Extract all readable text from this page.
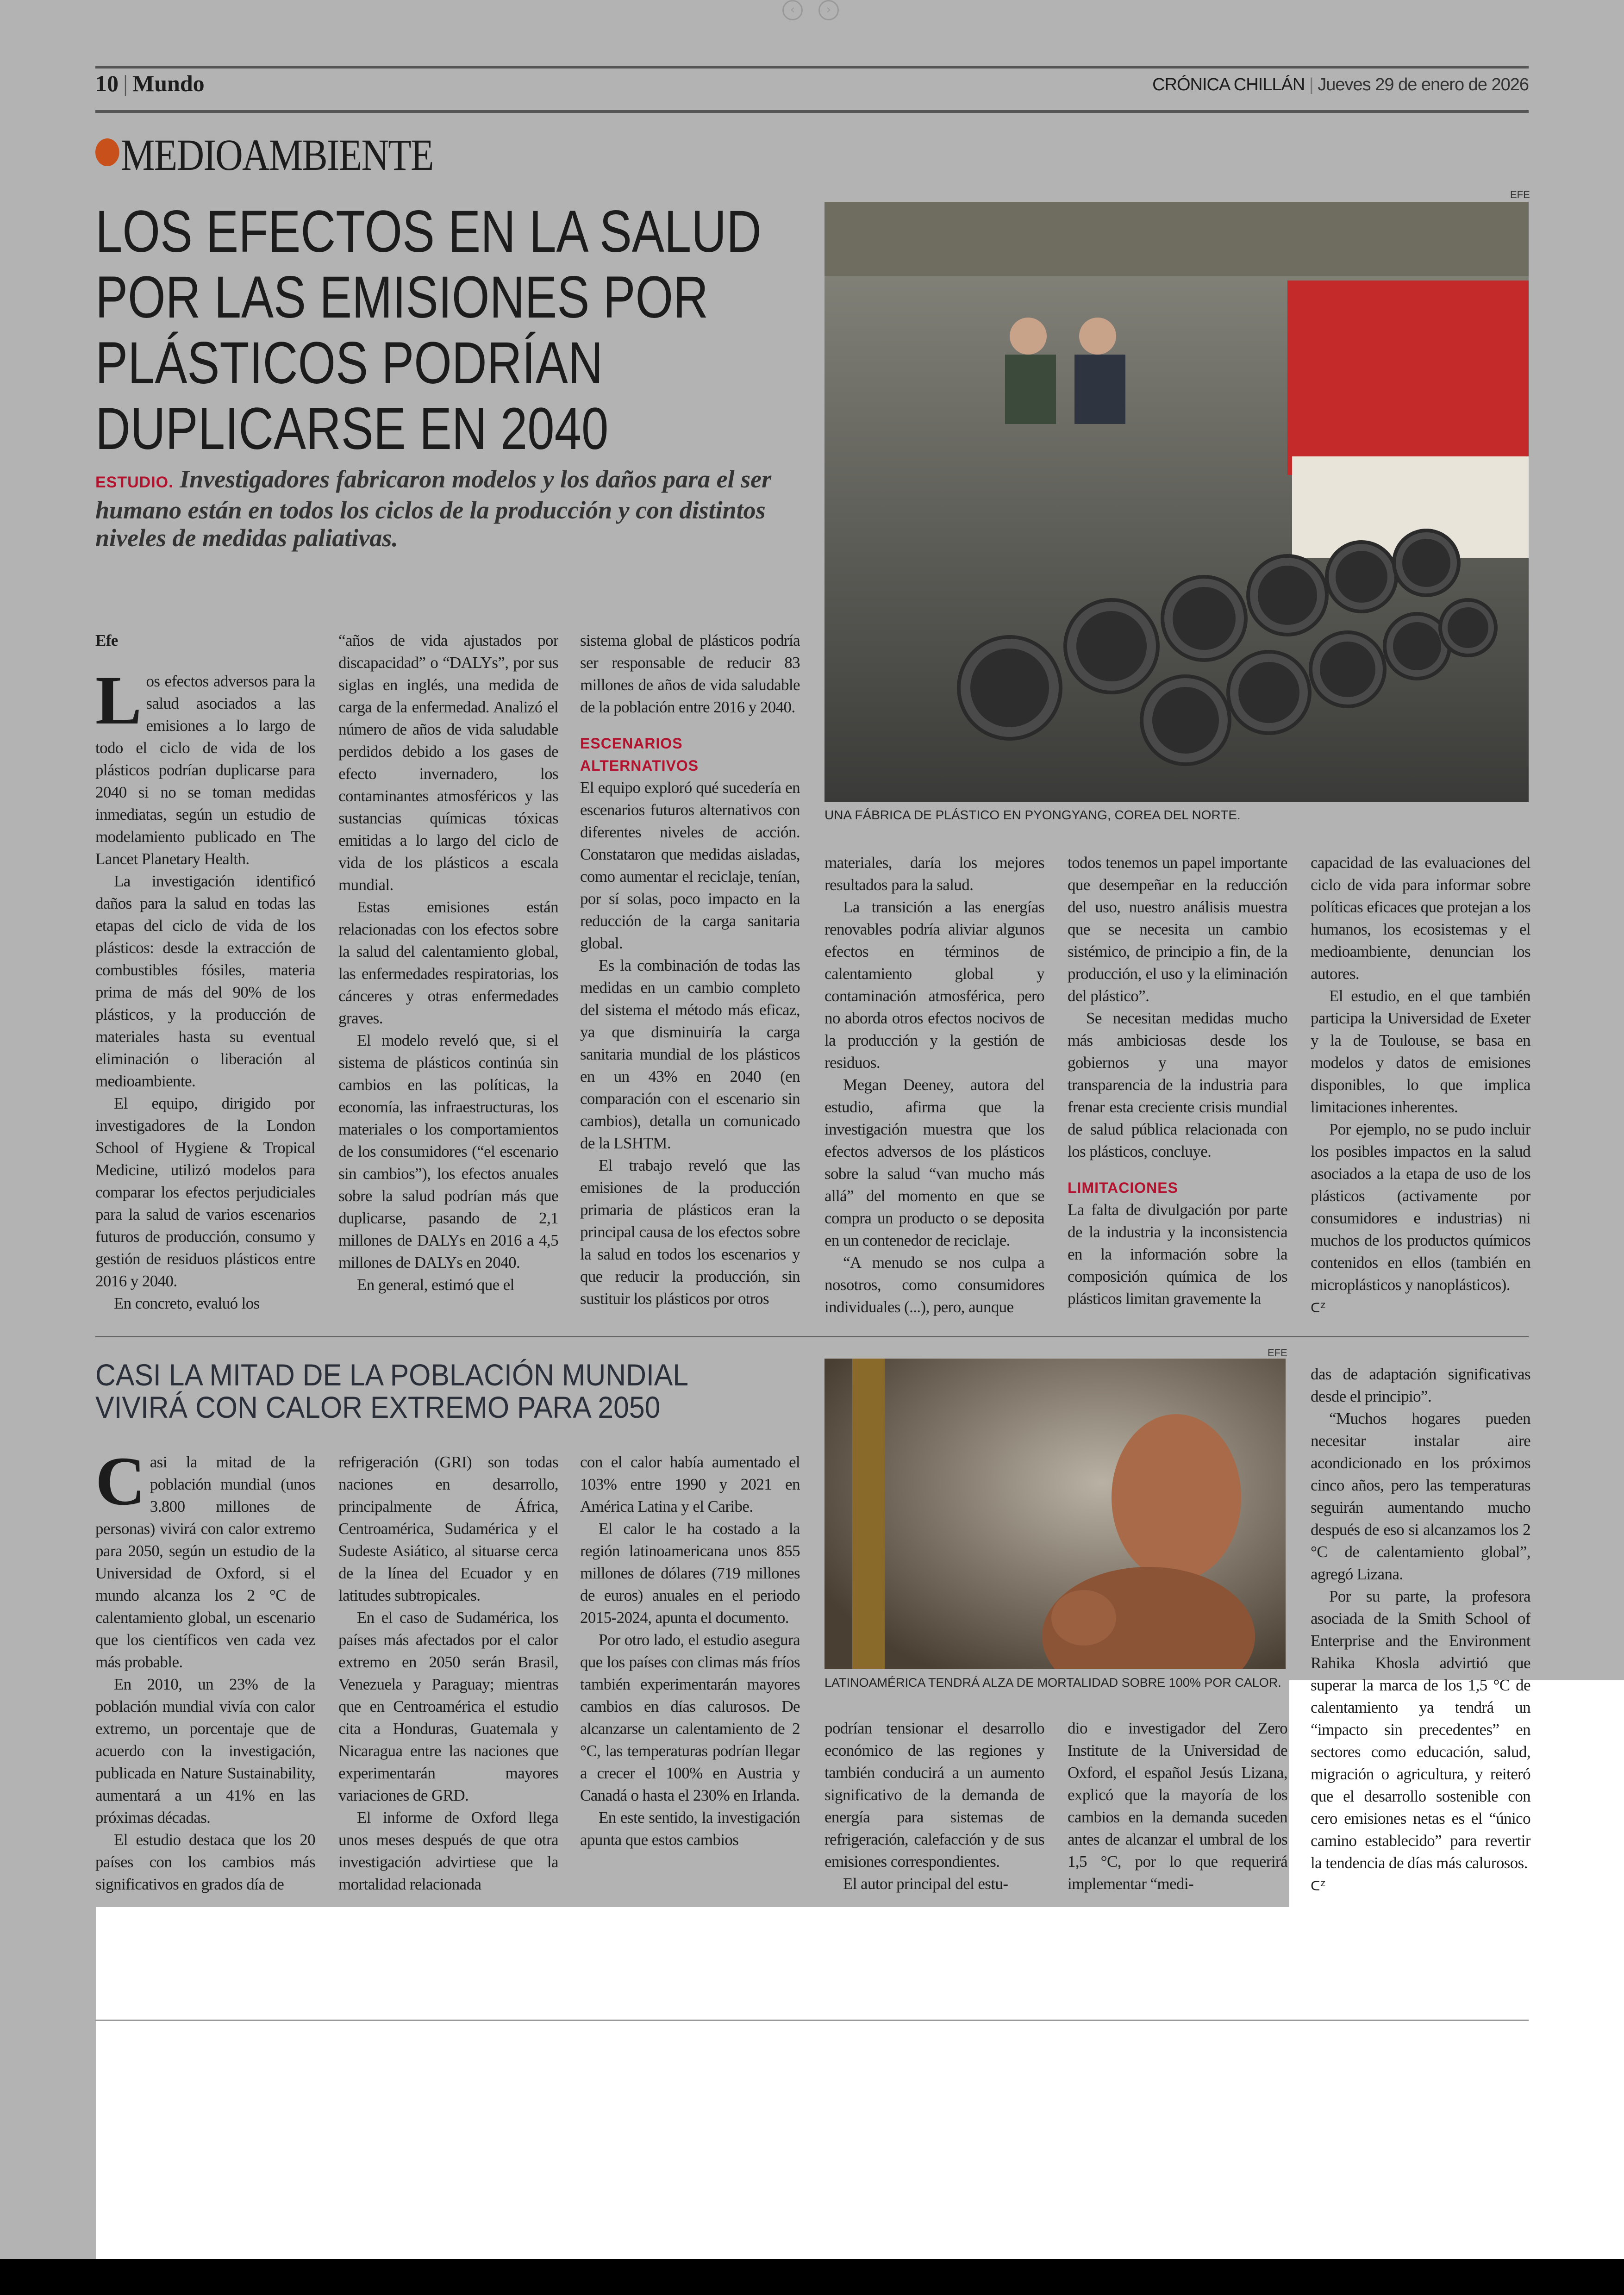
‹	›
10 | Mundo	CRÓNICA CHILLÁN | Jueves 29 de enero de 2026
MEDIOAMBIENTE
LOS EFECTOS EN LA SALUD
POR LAS EMISIONES POR
PLÁSTICOS PODRÍAN
DUPLICARSE EN 2040
ESTUDIO. Investigadores fabricaron modelos y los daños para el ser humano están en todos los ciclos de la producción y con distintos niveles de medidas paliativas.
EFE
UNA FÁBRICA DE PLÁSTICO EN PYONGYANG, COREA DEL NORTE.
Efe
L os efectos adversos para la salud asociados a las emisiones a lo largo de todo el ciclo de vida de los plásticos podrían duplicarse para 2040 si no se toman medidas inmediatas, según un estudio de modelamiento publicado en The Lancet Planetary Health.

La investigación identificó daños para la salud en todas las etapas del ciclo de vida de los plásticos: desde la extracción de combustibles fósiles, materia prima de más del 90% de los plásticos, y la producción de materiales hasta su eventual eliminación o liberación al medioambiente.

El equipo, dirigido por investigadores de la London School of Hygiene & Tropical Medicine, utilizó modelos para comparar los efectos perjudiciales para la salud de varios escenarios futuros de producción, consumo y gestión de residuos plásticos entre 2016 y 2040.

En concreto, evaluó los

“años de vida ajustados por discapacidad” o “DALYs”, por sus siglas en inglés, una medida de carga de la enfermedad. Analizó el número de años de vida saludable perdidos debido a los gases de efecto invernadero, los contaminantes atmosféricos y las sustancias químicas tóxicas emitidas a lo largo del ciclo de vida de los plásticos a escala mundial.

Estas emisiones están relacionadas con los efectos sobre la salud del calentamiento global, las enfermedades respiratorias, los cánceres y otras enfermedades graves.

El modelo reveló que, si el sistema de plásticos continúa sin cambios en las políticas, la economía, las infraestructuras, los materiales o los comportamientos de los consumidores (“el escenario sin cambios”), los efectos anuales sobre la salud podrían más que duplicarse, pasando de 2,1 millones de DALYs en 2016 a 4,5 millones de DALYs en 2040.

En general, estimó que el

sistema global de plásticos podría ser responsable de reducir 83 millones de años de vida saludable de la población entre 2016 y 2040.

ESCENARIOS ALTERNATIVOS

El equipo exploró qué sucedería en escenarios futuros alternativos con diferentes niveles de acción. Constataron que medidas aisladas, como aumentar el reciclaje, tenían, por sí solas, poco impacto en la reducción de la carga sanitaria global.

Es la combinación de todas las medidas en un cambio completo del sistema el método más eficaz, ya que disminuiría la carga sanitaria mundial de los plásticos en un 43% en 2040 (en comparación con el escenario sin cambios), detalla un comunicado de la LSHTM.

El trabajo reveló que las emisiones de la producción primaria de plásticos eran la principal causa de los efectos sobre la salud en todos los escenarios y que reducir la producción, sin sustituir los plásticos por otros

materiales, daría los mejores resultados para la salud.

La transición a las energías renovables podría aliviar algunos efectos en términos de calentamiento global y contaminación atmosférica, pero no aborda otros efectos nocivos de la producción y la gestión de residuos.

Megan Deeney, autora del estudio, afirma que la investigación muestra que los efectos adversos de los plásticos sobre la salud “van mucho más allá” del momento en que se compra un producto o se deposita en un contenedor de reciclaje.

“A menudo se nos culpa a nosotros, como consumidores individuales (...), pero, aunque

todos tenemos un papel importante que desempeñar en la reducción del uso, nuestro análisis muestra que se necesita un cambio sistémico, de principio a fin, de la producción, el uso y la eliminación del plástico”.

Se necesitan medidas mucho más ambiciosas desde los gobiernos y una mayor transparencia de la industria para frenar esta creciente crisis mundial de salud pública relacionada con los plásticos, concluye.

LIMITACIONES

La falta de divulgación por parte de la industria y la inconsistencia en la información sobre la composición química de los plásticos limitan gravemente la

capacidad de las evaluaciones del ciclo de vida para informar sobre políticas eficaces que protejan a los humanos, los ecosistemas y el medioambiente, denuncian los autores.

El estudio, en el que también participa la Universidad de Exeter y la de Toulouse, se basa en modelos y datos de emisiones disponibles, lo que implica limitaciones inherentes.

Por ejemplo, no se pudo incluir los posibles impactos en la salud asociados a la etapa de uso de los plásticos (activamente por consumidores e industrias) ni muchos de los productos químicos contenidos en ellos (también en microplásticos y nanoplásticos).

ᑕᙆ
CASI LA MITAD DE LA POBLACIÓN MUNDIAL VIVIRÁ CON CALOR EXTREMO PARA 2050
EFE
LATINOAMÉRICA TENDRÁ ALZA DE MORTALIDAD SOBRE 100% POR CALOR.
C asi la mitad de la población mundial (unos 3.800 millones de personas) vivirá con calor extremo para 2050, según un estudio de la Universidad de Oxford, si el mundo alcanza los 2 °C de calentamiento global, un escenario que los científicos ven cada vez más probable.

En 2010, un 23% de la población mundial vivía con calor extremo, un porcentaje que de acuerdo con la investigación, publicada en Nature Sustainability, aumentará a un 41% en las próximas décadas.

El estudio destaca que los 20 países con los cambios más significativos en grados día de

refrigeración (GRI) son todas naciones en desarrollo, principalmente de África, Centroamérica, Sudamérica y el Sudeste Asiático, al situarse cerca de la línea del Ecuador y en latitudes subtropicales.

En el caso de Sudamérica, los países más afectados por el calor extremo en 2050 serán Brasil, Venezuela y Paraguay; mientras que en Centroamérica el estudio cita a Honduras, Guatemala y Nicaragua entre las naciones que experimentarán mayores variaciones de GRD.

El informe de Oxford llega unos meses después de que otra investigación advirtiese que la mortalidad relacionada

con el calor había aumentado el 103% entre 1990 y 2021 en América Latina y el Caribe.

El calor le ha costado a la región latinoamericana unos 855 millones de dólares (719 millones de euros) anuales en el periodo 2015-2024, apunta el documento.

Por otro lado, el estudio asegura que los países con climas más fríos también experimentarán mayores cambios en días calurosos. De alcanzarse un calentamiento de 2 °C, las temperaturas podrían llegar a crecer el 100% en Austria y Canadá o hasta el 230% en Irlanda.

En este sentido, la investigación apunta que estos cambios

podrían tensionar el desarrollo económico de las regiones y también conducirá a un aumento significativo de la demanda de energía para sistemas de refrigeración, calefacción y de sus emisiones correspondientes.

El autor principal del estu-

dio e investigador del Zero Institute de la Universidad de Oxford, el español Jesús Lizana, explicó que la mayoría de los cambios en la demanda suceden antes de alcanzar el umbral de los 1,5 °C, por lo que requerirá implementar “medi-

das de adaptación significativas desde el principio”.

“Muchos hogares pueden necesitar instalar aire acondicionado en los próximos cinco años, pero las temperaturas seguirán aumentando mucho después de eso si alcanzamos los 2 °C de calentamiento global”, agregó Lizana.

Por su parte, la profesora asociada de la Smith School of Enterprise and the Environment Rahika Khosla advirtió que superar la marca de los 1,5 °C de calentamiento ya tendrá un “impacto sin precedentes” en sectores como educación, salud, migración o agricultura, y reiteró que el desarrollo sostenible con cero emisiones netas es el “único camino establecido” para revertir la tendencia de días más calurosos.

ᑕᙆ
